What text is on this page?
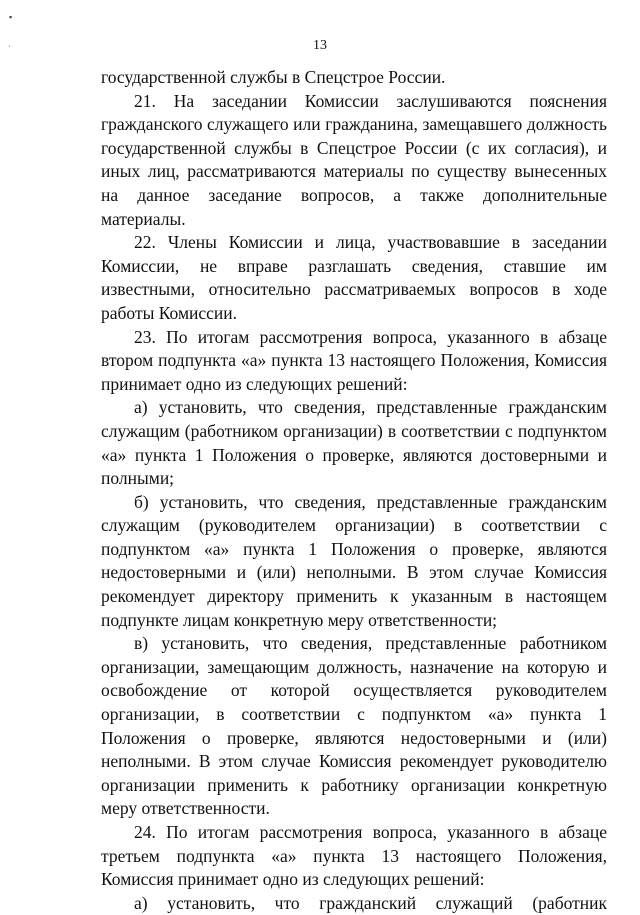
▪
˙	13

государственной службы в Спецстрое России.

21. На заседании Комиссии заслушиваются пояснения гражданского служащего или гражданина, замещавшего должность государственной службы в Спецстрое России (с их согласия), и иных лиц, рассматриваются материалы по существу вынесенных на данное заседание вопросов, а также дополнительные материалы.

22. Члены Комиссии и лица, участвовавшие в заседании Комиссии, не вправе разглашать сведения, ставшие им известными, относительно рассматриваемых вопросов в ходе работы Комиссии.

23. По итогам рассмотрения вопроса, указанного в абзаце втором подпункта «а» пункта 13 настоящего Положения, Комиссия принимает одно из следующих решений:

а) установить, что сведения, представленные гражданским служащим (работником организации) в соответствии с подпунктом «а» пункта 1 Положения о проверке, являются достоверными и полными;

б) установить, что сведения, представленные гражданским служащим (руководителем организации) в соответствии с подпунктом «а» пункта 1 Положения о проверке, являются недостоверными и (или) неполными. В этом случае Комиссия рекомендует директору применить к указанным в настоящем подпункте лицам конкретную меру ответственности;

в) установить, что сведения, представленные работником организации, замещающим должность, назначение на которую и освобождение от которой осуществляется руководителем организации, в соответствии с подпунктом «а» пункта 1 Положения о проверке, являются недостоверными и (или) неполными. В этом случае Комиссия рекомендует руководителю организации применить к работнику организации конкретную меру ответственности.

24. По итогам рассмотрения вопроса, указанного в абзаце третьем подпункта «а» пункта 13 настоящего Положения, Комиссия принимает одно из следующих решений:

а) установить, что гражданский служащий (работник
